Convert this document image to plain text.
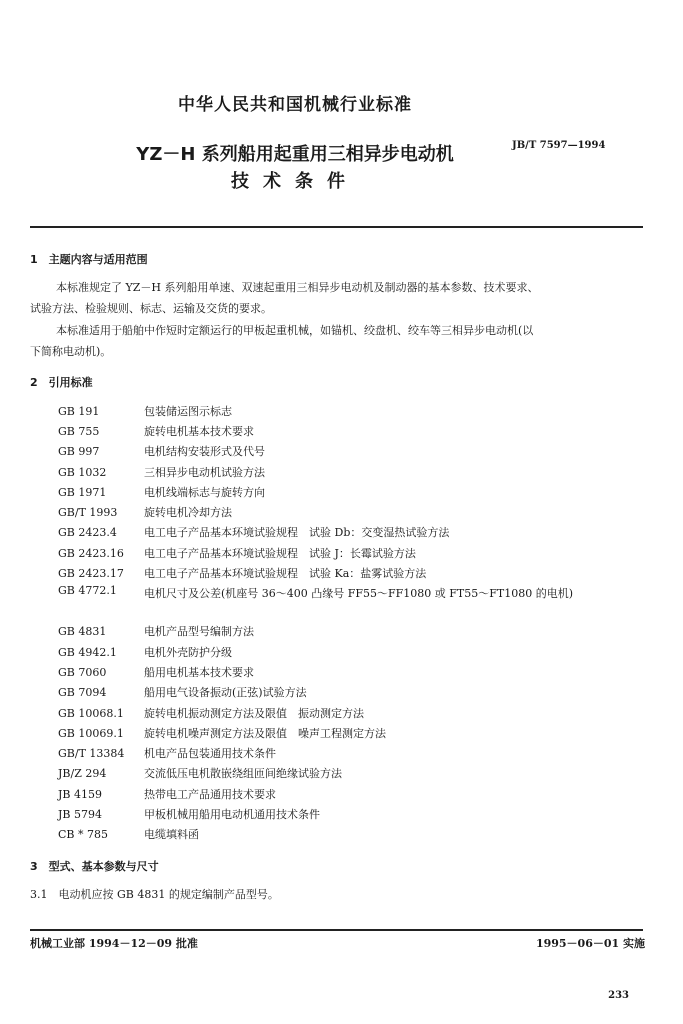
中华人民共和国机械行业标准
YZ－H 系列船用起重用三相异步电动机
技术条件
JB/T 7597—1994
1　主题内容与适用范围
本标准规定了 YZ－H 系列船用单速、双速起重用三相异步电动机及制动器的基本参数、技术要求、
试验方法、检验规则、标志、运输及交货的要求。
本标准适用于船舶中作短时定额运行的甲板起重机械，如锚机、绞盘机、绞车等三相异步电动机(以
下简称电动机)。
2　引用标准
GB 191	包装储运图示标志
GB 755	旋转电机基本技术要求
GB 997	电机结构安装形式及代号
GB 1032	三相异步电动机试验方法
GB 1971	电机线端标志与旋转方向
GB/T 1993	旋转电机冷却方法
GB 2423.4	电工电子产品基本环境试验规程　试验 Db：交变湿热试验方法
GB 2423.16	电工电子产品基本环境试验规程　试验 J：长霉试验方法
GB 2423.17	电工电子产品基本环境试验规程　试验 Ka：盐雾试验方法
GB 4772.1	电机尺寸及公差(机座号 36～400 凸缘号 FF55～FF1080 或 FT55～FT1080 的电机)
GB 4831	电机产品型号编制方法
GB 4942.1	电机外壳防护分级
GB 7060	船用电机基本技术要求
GB 7094	船用电气设备振动(正弦)试验方法
GB 10068.1	旋转电机振动测定方法及限值　振动测定方法
GB 10069.1	旋转电机噪声测定方法及限值　噪声工程测定方法
GB/T 13384	机电产品包装通用技术条件
JB/Z 294	交流低压电机散嵌绕组匝间绝缘试验方法
JB 4159	热带电工产品通用技术要求
JB 5794	甲板机械用船用电动机通用技术条件
CB * 785	电缆填料函
3　型式、基本参数与尺寸
3.1　电动机应按 GB 4831 的规定编制产品型号。
机械工业部 1994－12－09 批准	1995－06－01 实施
233
